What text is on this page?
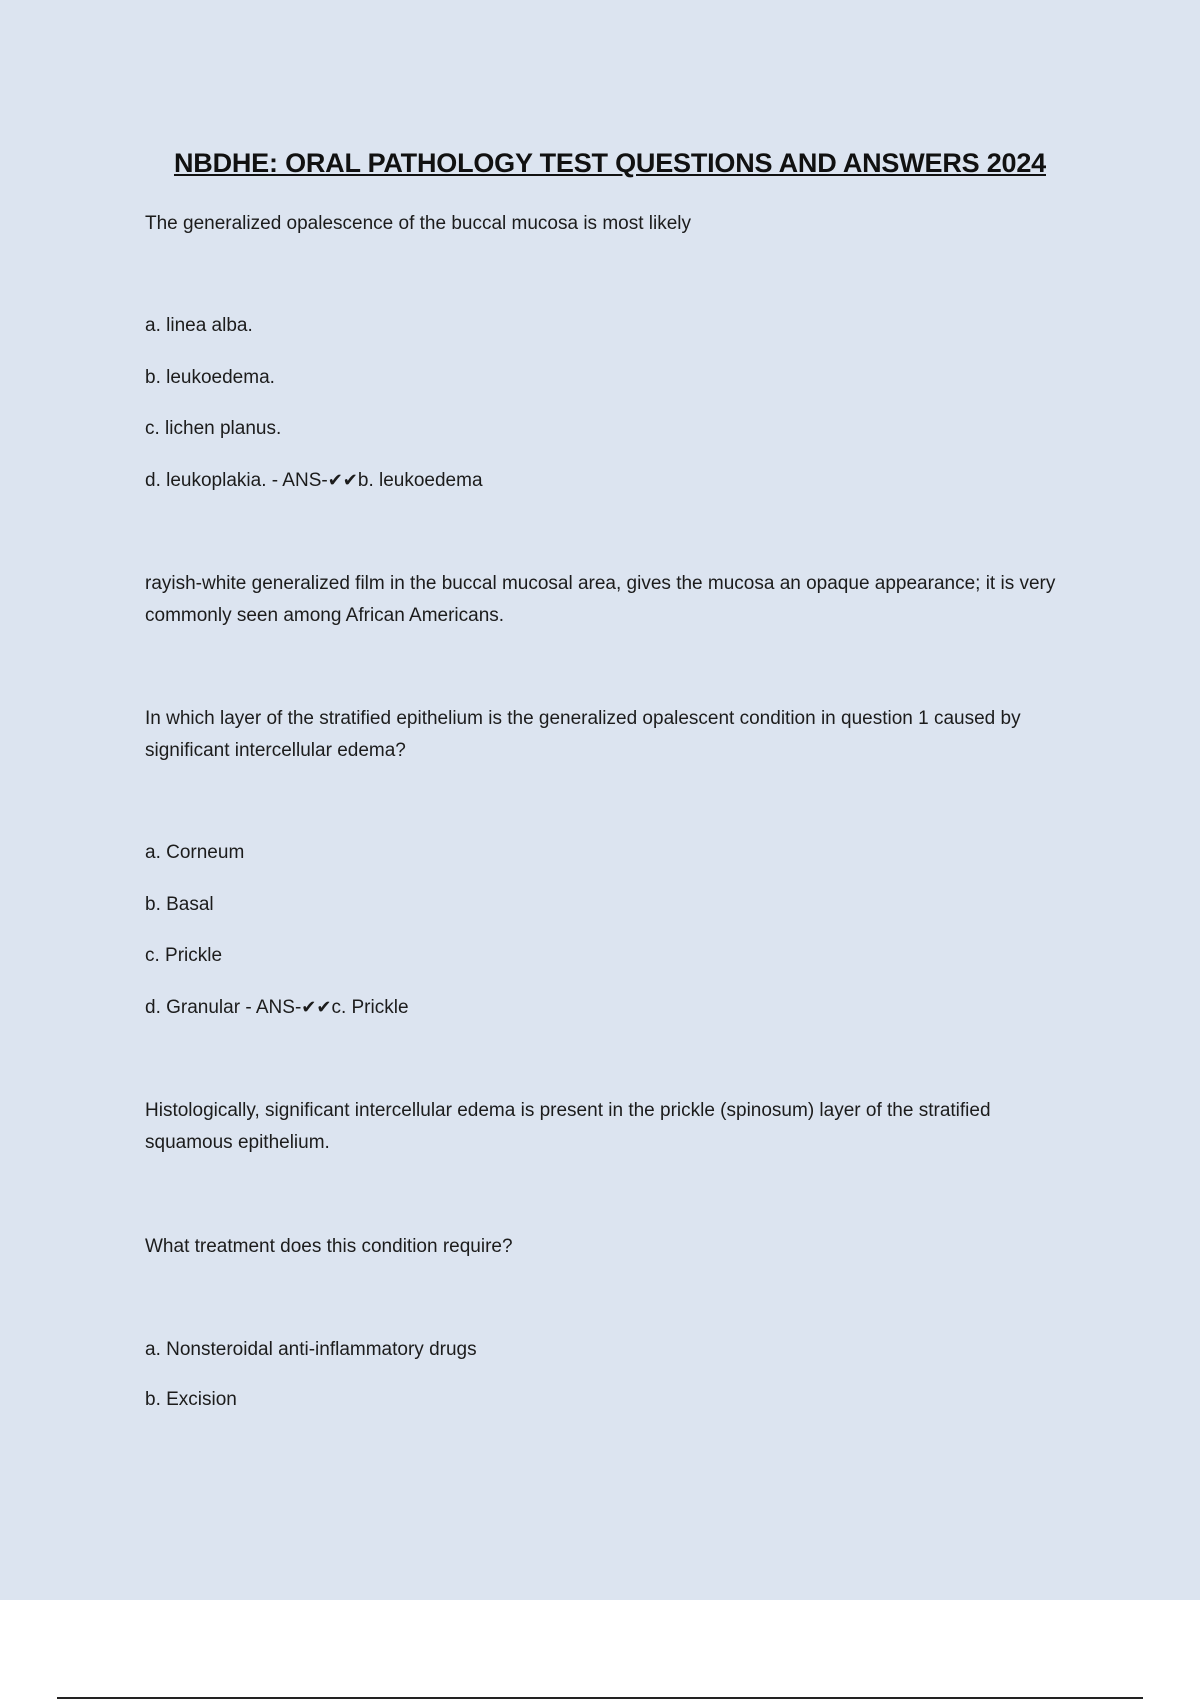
NBDHE: ORAL PATHOLOGY TEST QUESTIONS AND ANSWERS 2024
The generalized opalescence of the buccal mucosa is most likely
a. linea alba.
b. leukoedema.
c. lichen planus.
d. leukoplakia. - ANS-✔✔b. leukoedema
rayish-white generalized film in the buccal mucosal area, gives the mucosa an opaque appearance; it is very commonly seen among African Americans.
In which layer of the stratified epithelium is the generalized opalescent condition in question 1 caused by significant intercellular edema?
a. Corneum
b. Basal
c. Prickle
d. Granular - ANS-✔✔c. Prickle
Histologically, significant intercellular edema is present in the prickle (spinosum) layer of the stratified squamous epithelium.
What treatment does this condition require?
a. Nonsteroidal anti-inflammatory drugs
b. Excision
